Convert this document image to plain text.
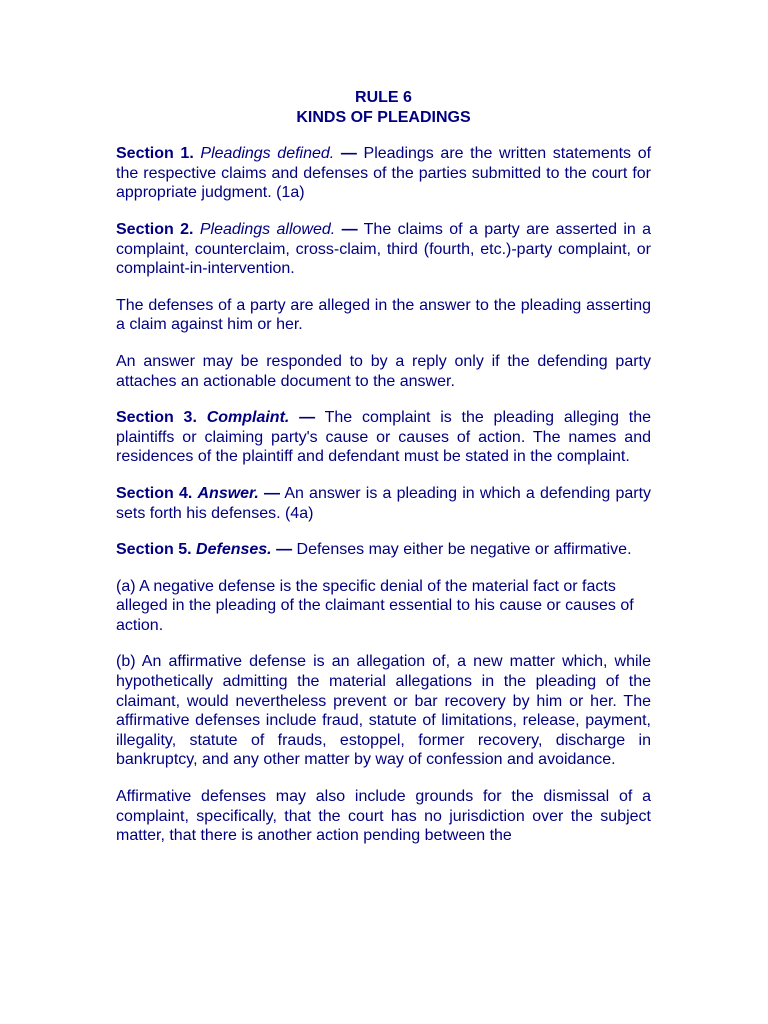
RULE 6
KINDS OF PLEADINGS

Section 1. Pleadings defined. — Pleadings are the written statements of the respective claims and defenses of the parties submitted to the court for appropriate judgment. (1a)

Section 2. Pleadings allowed. — The claims of a party are asserted in a complaint, counterclaim, cross-claim, third (fourth, etc.)-party complaint, or complaint-in-intervention.

The defenses of a party are alleged in the answer to the pleading asserting a claim against him or her.

An answer may be responded to by a reply only if the defending party attaches an actionable document to the answer.

Section 3. Complaint. — The complaint is the pleading alleging the plaintiffs or claiming party's cause or causes of action. The names and residences of the plaintiff and defendant must be stated in the complaint.

Section 4. Answer. — An answer is a pleading in which a defending party sets forth his defenses. (4a)

Section 5. Defenses. — Defenses may either be negative or affirmative.

(a) A negative defense is the specific denial of the material fact or facts alleged in the pleading of the claimant essential to his cause or causes of action.

(b) An affirmative defense is an allegation of, a new matter which, while hypothetically admitting the material allegations in the pleading of the claimant, would nevertheless prevent or bar recovery by him or her. The affirmative defenses include fraud, statute of limitations, release, payment, illegality, statute of frauds, estoppel, former recovery, discharge in bankruptcy, and any other matter by way of confession and avoidance.

Affirmative defenses may also include grounds for the dismissal of a complaint, specifically, that the court has no jurisdiction over the subject matter, that there is another action pending between the
